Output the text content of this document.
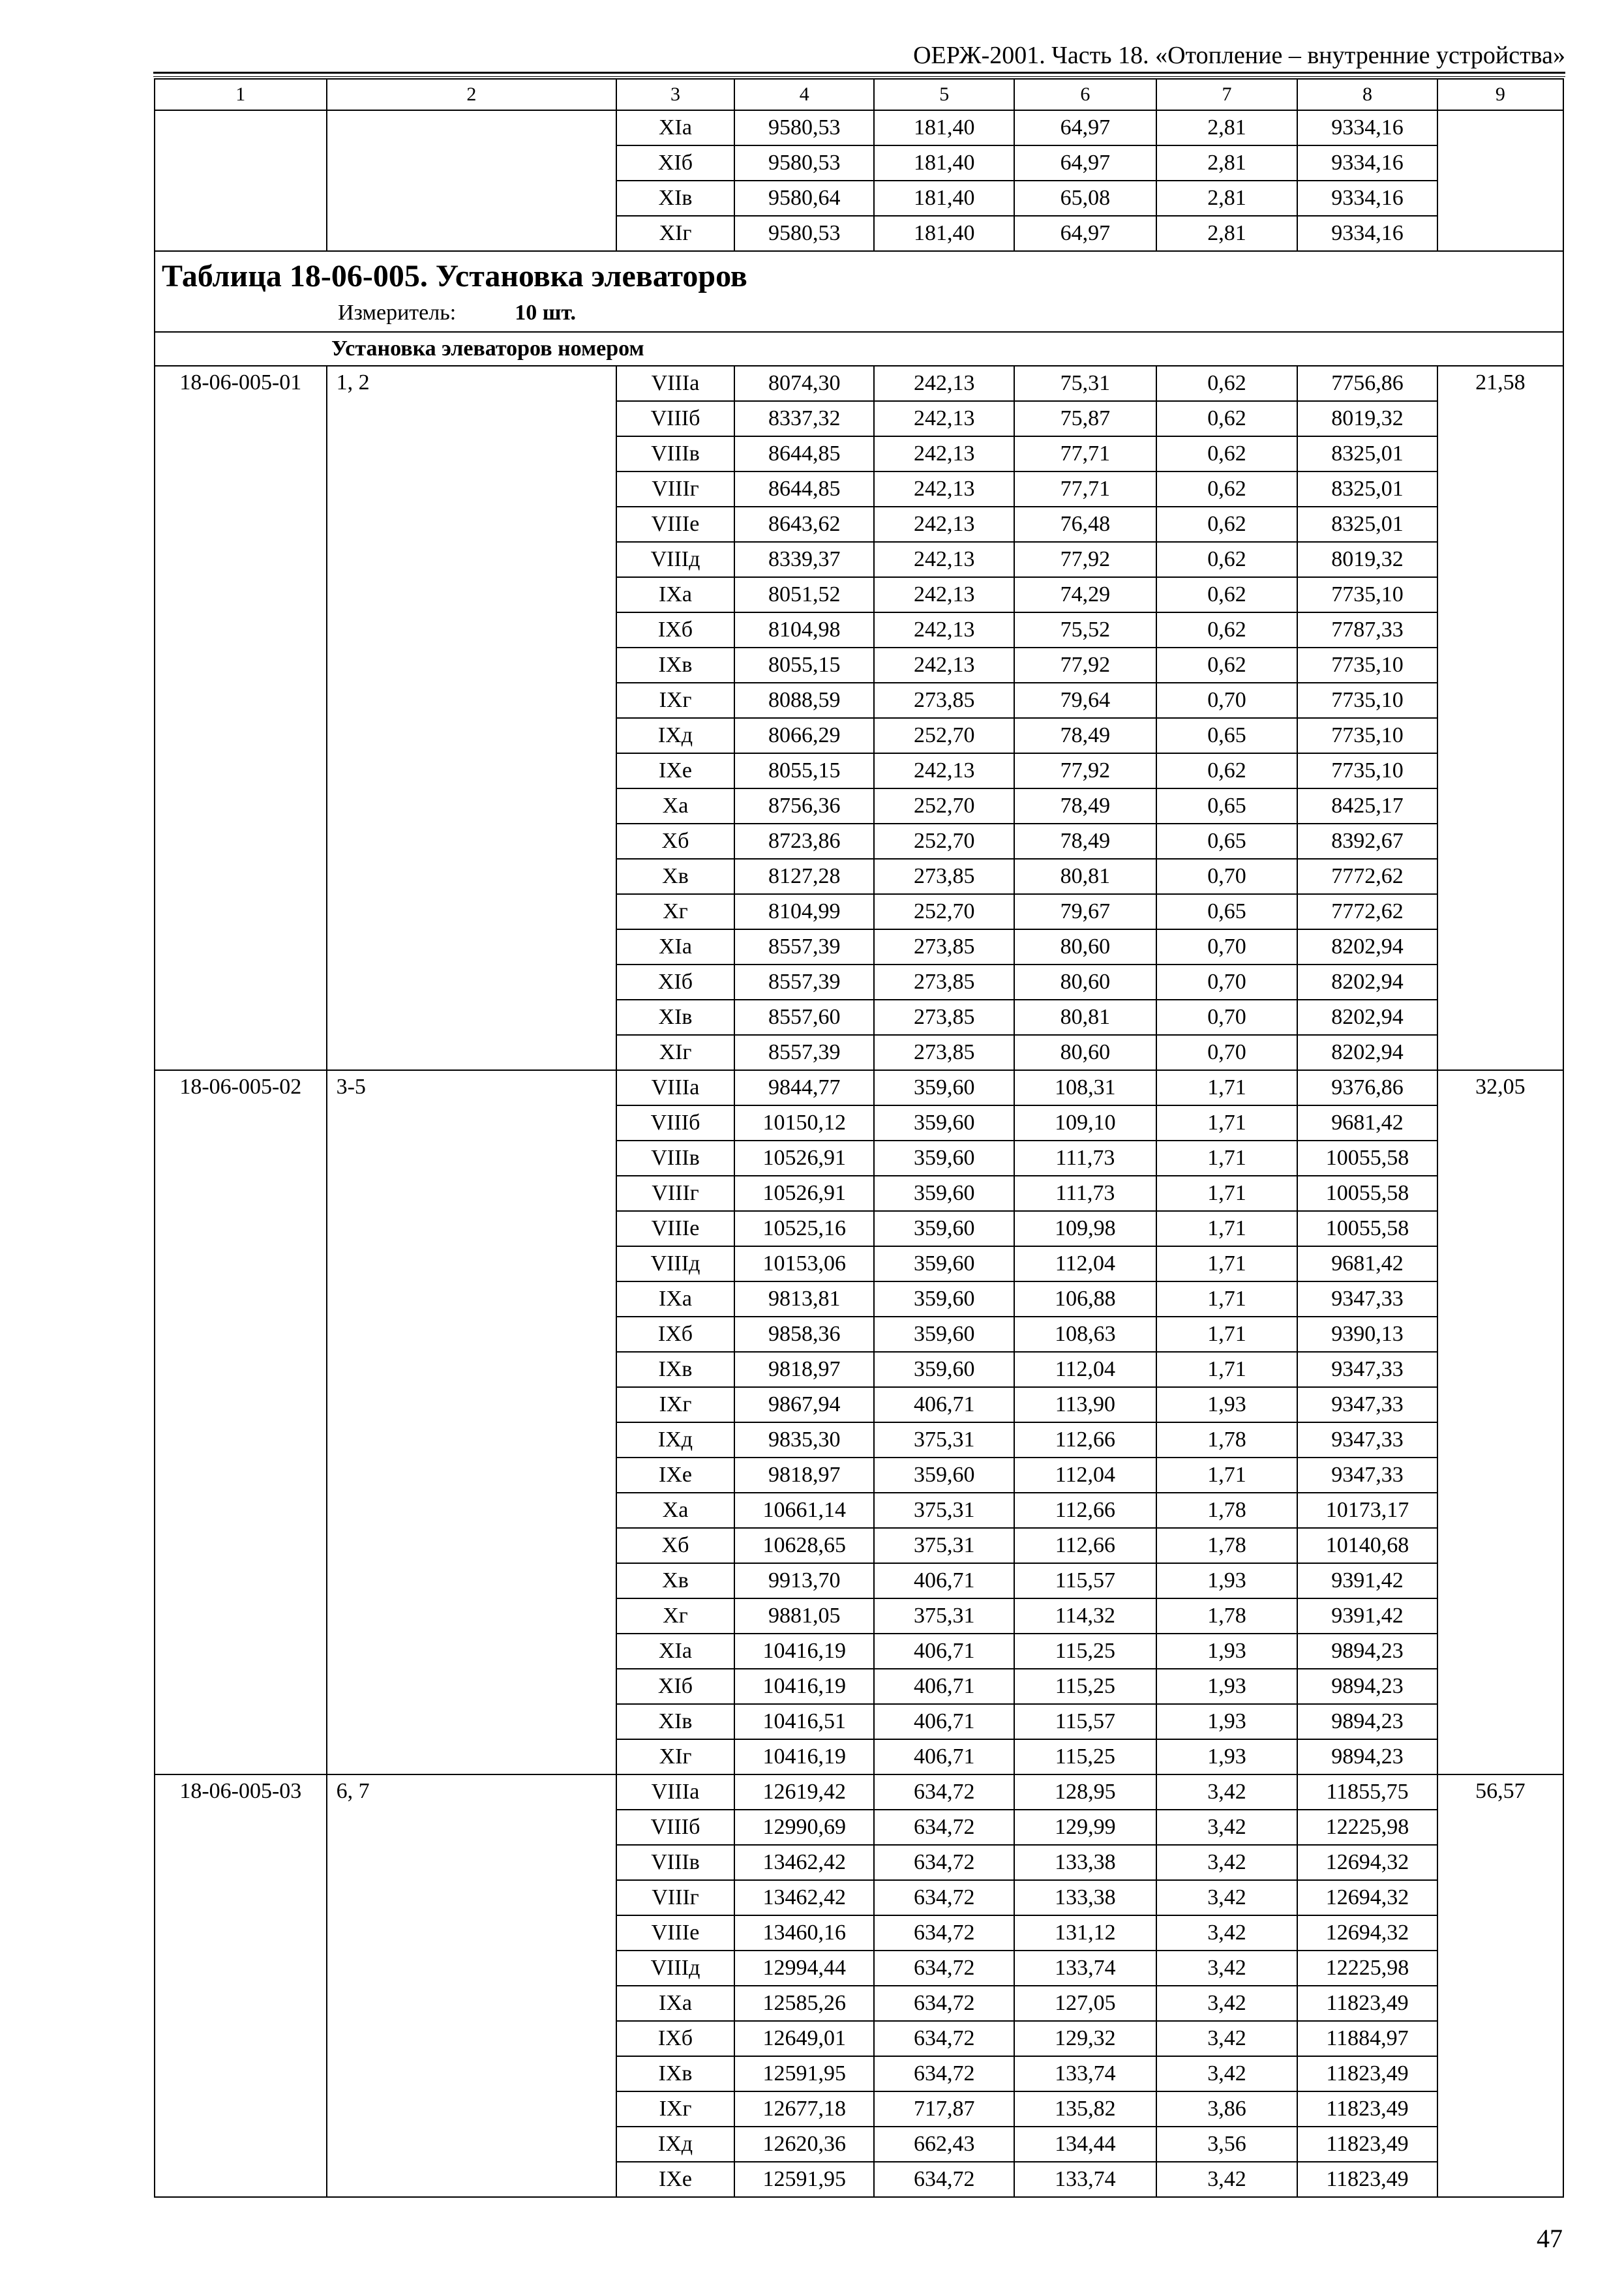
ОЕРЖ-2001. Часть 18. «Отопление – внутренние устройства»
1	2	3	4	5	6	7	8	9
		XIа	9580,53	181,40	64,97	2,81	9334,16	
		XIб	9580,53	181,40	64,97	2,81	9334,16	
		XIв	9580,64	181,40	65,08	2,81	9334,16	
		XIг	9580,53	181,40	64,97	2,81	9334,16	

Таблица 18-06-005. Установка элеваторов
Измеритель: 10 шт.								

Установка элеваторов номером								
18-06-005-01	1, 2	VIIIа	8074,30	242,13	75,31	0,62	7756,86	21,58
		VIIIб	8337,32	242,13	75,87	0,62	8019,32	
		VIIIв	8644,85	242,13	77,71	0,62	8325,01	
		VIIIг	8644,85	242,13	77,71	0,62	8325,01	
		VIIIе	8643,62	242,13	76,48	0,62	8325,01	
		VIIIд	8339,37	242,13	77,92	0,62	8019,32	
		IXа	8051,52	242,13	74,29	0,62	7735,10	
		IXб	8104,98	242,13	75,52	0,62	7787,33	
		IXв	8055,15	242,13	77,92	0,62	7735,10	
		IXг	8088,59	273,85	79,64	0,70	7735,10	
		IXд	8066,29	252,70	78,49	0,65	7735,10	
		IXе	8055,15	242,13	77,92	0,62	7735,10	
		Xа	8756,36	252,70	78,49	0,65	8425,17	
		Xб	8723,86	252,70	78,49	0,65	8392,67	
		Xв	8127,28	273,85	80,81	0,70	7772,62	
		Xг	8104,99	252,70	79,67	0,65	7772,62	
		XIа	8557,39	273,85	80,60	0,70	8202,94	
		XIб	8557,39	273,85	80,60	0,70	8202,94	
		XIв	8557,60	273,85	80,81	0,70	8202,94	
		XIг	8557,39	273,85	80,60	0,70	8202,94	
18-06-005-02	3-5	VIIIа	9844,77	359,60	108,31	1,71	9376,86	32,05
		VIIIб	10150,12	359,60	109,10	1,71	9681,42	
		VIIIв	10526,91	359,60	111,73	1,71	10055,58	
		VIIIг	10526,91	359,60	111,73	1,71	10055,58	
		VIIIе	10525,16	359,60	109,98	1,71	10055,58	
		VIIIд	10153,06	359,60	112,04	1,71	9681,42	
		IXа	9813,81	359,60	106,88	1,71	9347,33	
		IXб	9858,36	359,60	108,63	1,71	9390,13	
		IXв	9818,97	359,60	112,04	1,71	9347,33	
		IXг	9867,94	406,71	113,90	1,93	9347,33	
		IXд	9835,30	375,31	112,66	1,78	9347,33	
		IXе	9818,97	359,60	112,04	1,71	9347,33	
		Xа	10661,14	375,31	112,66	1,78	10173,17	
		Xб	10628,65	375,31	112,66	1,78	10140,68	
		Xв	9913,70	406,71	115,57	1,93	9391,42	
		Xг	9881,05	375,31	114,32	1,78	9391,42	
		XIа	10416,19	406,71	115,25	1,93	9894,23	
		XIб	10416,19	406,71	115,25	1,93	9894,23	
		XIв	10416,51	406,71	115,57	1,93	9894,23	
		XIг	10416,19	406,71	115,25	1,93	9894,23	
18-06-005-03	6, 7	VIIIа	12619,42	634,72	128,95	3,42	11855,75	56,57
		VIIIб	12990,69	634,72	129,99	3,42	12225,98	
		VIIIв	13462,42	634,72	133,38	3,42	12694,32	
		VIIIг	13462,42	634,72	133,38	3,42	12694,32	
		VIIIе	13460,16	634,72	131,12	3,42	12694,32	
		VIIIд	12994,44	634,72	133,74	3,42	12225,98	
		IXа	12585,26	634,72	127,05	3,42	11823,49	
		IXб	12649,01	634,72	129,32	3,42	11884,97	
		IXв	12591,95	634,72	133,74	3,42	11823,49	
		IXг	12677,18	717,87	135,82	3,86	11823,49	
		IXд	12620,36	662,43	134,44	3,56	11823,49	
		IXе	12591,95	634,72	133,74	3,42	11823,49	
47
